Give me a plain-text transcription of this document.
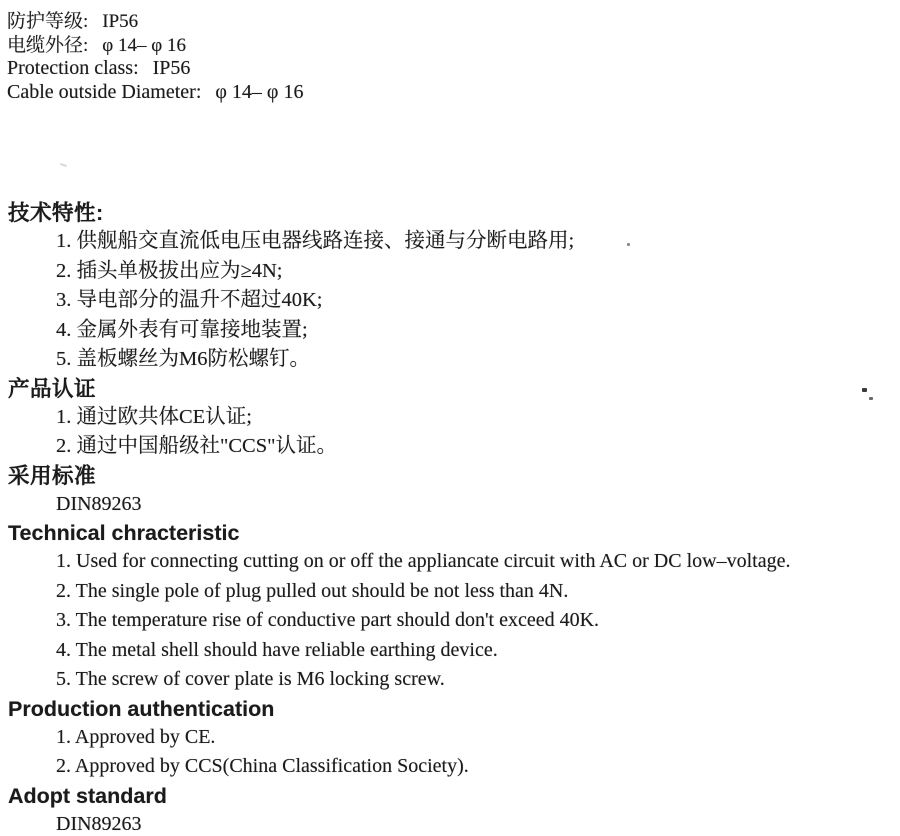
防护等级: IP56
电缆外径: φ 14– φ 16
Protection class: IP56
Cable outside Diameter: φ 14– φ 16
技术特性:
1. 供舰船交直流低电压电器线路连接、接通与分断电路用;
2. 插头单极拔出应为≥4N;
3. 导电部分的温升不超过40K;
4. 金属外表有可靠接地装置;
5. 盖板螺丝为M6防松螺钉。
产品认证
1. 通过欧共体CE认证;
2. 通过中国船级社"CCS"认证。
采用标准
DIN89263
Technical chracteristic
1. Used for connecting cutting on or off the appliancate circuit with AC or DC low–voltage.
2. The single pole of plug pulled out should be not less than 4N.
3. The temperature rise of conductive part should don't exceed 40K.
4. The metal shell should have reliable earthing device.
5. The screw of cover plate is M6 locking screw.
Production authentication
1. Approved by CE.
2. Approved by CCS(China Classification Society).
Adopt standard
DIN89263
